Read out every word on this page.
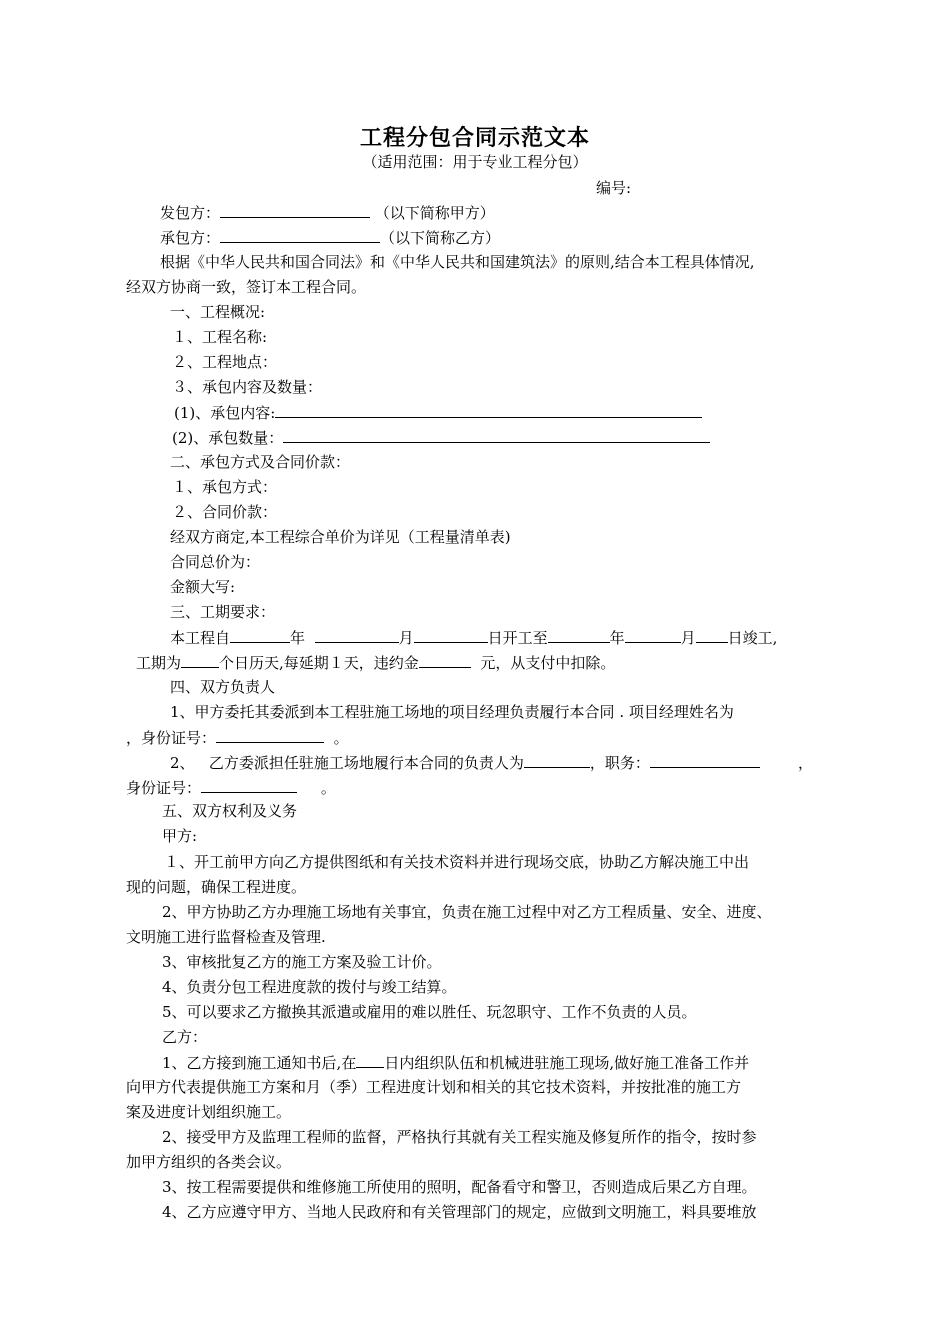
工程分包合同示范文本
（适用范围：用于专业工程分包）
编号:
发包方：	（以下简称甲方）
承包方：	（以下简称乙方）
根据《中华人民共和国合同法》和《中华人民共和国建筑法》的原则,结合本工程具体情况,
经双方协商一致，签订本工程合同。
一、工程概况:
１、工程名称:
２、工程地点：
３、承包内容及数量：
(1)、承包内容:
(2)、承包数量：
二、承包方式及合同价款：
１、承包方式：
２、合同价款：
经双方商定,本工程综合单价为详见（工程量清单表)
合同总价为：
金额大写:
三、工期要求：
本工程自	年	月	日开工至	年	月 日竣工,
工期为	个日历天,每延期１天，违约金	元，从支付中扣除。
四、双方负责人
1、甲方委托其委派到本工程驻施工场地的项目经理负责履行本合同 . 项目经理姓名为
，身份证号：	。
2、 乙方委派担任驻施工场地履行本合同的负责人为	，职务：	，
身份证号：	。
五、双方权利及义务
甲方:
１、开工前甲方向乙方提供图纸和有关技术资料并进行现场交底，协助乙方解决施工中出
现的问题，确保工程进度。
2、甲方协助乙方办理施工场地有关事宜，负责在施工过程中对乙方工程质量、安全、进度、
文明施工进行监督检查及管理.
3、审核批复乙方的施工方案及验工计价。
4、负责分包工程进度款的拨付与竣工结算。
5、可以要求乙方撤换其派遣或雇用的难以胜任、玩忽职守、工作不负责的人员。
乙方：
1、乙方接到施工通知书后,在 日内组织队伍和机械进驻施工现场,做好施工准备工作并
向甲方代表提供施工方案和月（季）工程进度计划和相关的其它技术资料，并按批准的施工方
案及进度计划组织施工。
2、接受甲方及监理工程师的监督，严格执行其就有关工程实施及修复所作的指令，按时参
加甲方组织的各类会议。
3、按工程需要提供和维修施工所使用的照明，配备看守和警卫，否则造成后果乙方自理。
4、乙方应遵守甲方、当地人民政府和有关管理部门的规定，应做到文明施工，料具要堆放
